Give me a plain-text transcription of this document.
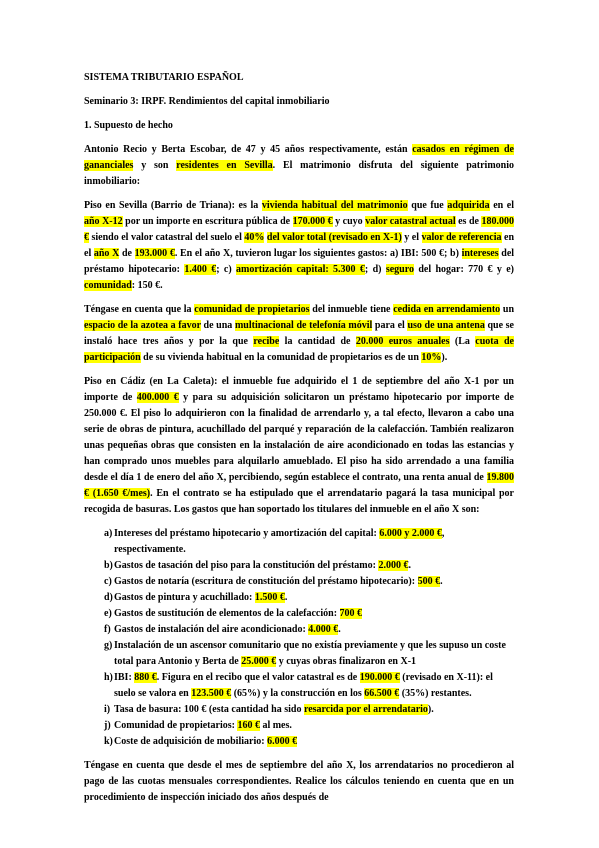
SISTEMA TRIBUTARIO ESPAÑOL

Seminario 3: IRPF. Rendimientos del capital inmobiliario

1. Supuesto de hecho

Antonio Recio y Berta Escobar, de 47 y 45 años respectivamente, están casados en régimen de gananciales y son residentes en Sevilla. El matrimonio disfruta del siguiente patrimonio inmobiliario:

Piso en Sevilla (Barrio de Triana): es la vivienda habitual del matrimonio que fue adquirida en el año X-12 por un importe en escritura pública de 170.000 € y cuyo valor catastral actual es de 180.000 € siendo el valor catastral del suelo el 40% del valor total (revisado en X-1) y el valor de referencia en el año X de 193.000 €. En el año X, tuvieron lugar los siguientes gastos: a) IBI: 500 €; b) intereses del préstamo hipotecario: 1.400 €; c) amortización capital: 5.300 €; d) seguro del hogar: 770 € y e) comunidad: 150 €.

Téngase en cuenta que la comunidad de propietarios del inmueble tiene cedida en arrendamiento un espacio de la azotea a favor de una multinacional de telefonía móvil para el uso de una antena que se instaló hace tres años y por la que recibe la cantidad de 20.000 euros anuales (La cuota de participación de su vivienda habitual en la comunidad de propietarios es de un 10%).

Piso en Cádiz (en La Caleta): el inmueble fue adquirido el 1 de septiembre del año X-1 por un importe de 400.000 € y para su adquisición solicitaron un préstamo hipotecario por importe de 250.000 €. El piso lo adquirieron con la finalidad de arrendarlo y, a tal efecto, llevaron a cabo una serie de obras de pintura, acuchillado del parqué y reparación de la calefacción. También realizaron unas pequeñas obras que consisten en la instalación de aire acondicionado en todas las estancias y han comprado unos muebles para alquilarlo amueblado. El piso ha sido arrendado a una familia desde el día 1 de enero del año X, percibiendo, según establece el contrato, una renta anual de 19.800 € (1.650 €/mes). En el contrato se ha estipulado que el arrendatario pagará la tasa municipal por recogida de basuras. Los gastos que han soportado los titulares del inmueble en el año X son:

a) Intereses del préstamo hipotecario y amortización del capital: 6.000 y 2.000 €, respectivamente.
b) Gastos de tasación del piso para la constitución del préstamo: 2.000 €.
c) Gastos de notaría (escritura de constitución del préstamo hipotecario): 500 €.
d) Gastos de pintura y acuchillado: 1.500 €.
e) Gastos de sustitución de elementos de la calefacción: 700 €
f) Gastos de instalación del aire acondicionado: 4.000 €.
g) Instalación de un ascensor comunitario que no existía previamente y que les supuso un coste total para Antonio y Berta de 25.000 € y cuyas obras finalizaron en X-1
h) IBI: 880 €. Figura en el recibo que el valor catastral es de 190.000 € (revisado en X-11): el suelo se valora en 123.500 € (65%) y la construcción en los 66.500 € (35%) restantes.
i) Tasa de basura: 100 € (esta cantidad ha sido resarcida por el arrendatario).
j) Comunidad de propietarios: 160 € al mes.
k) Coste de adquisición de mobiliario: 6.000 €

Téngase en cuenta que desde el mes de septiembre del año X, los arrendatarios no procedieron al pago de las cuotas mensuales correspondientes. Realice los cálculos teniendo en cuenta que en un procedimiento de inspección iniciado dos años después de
